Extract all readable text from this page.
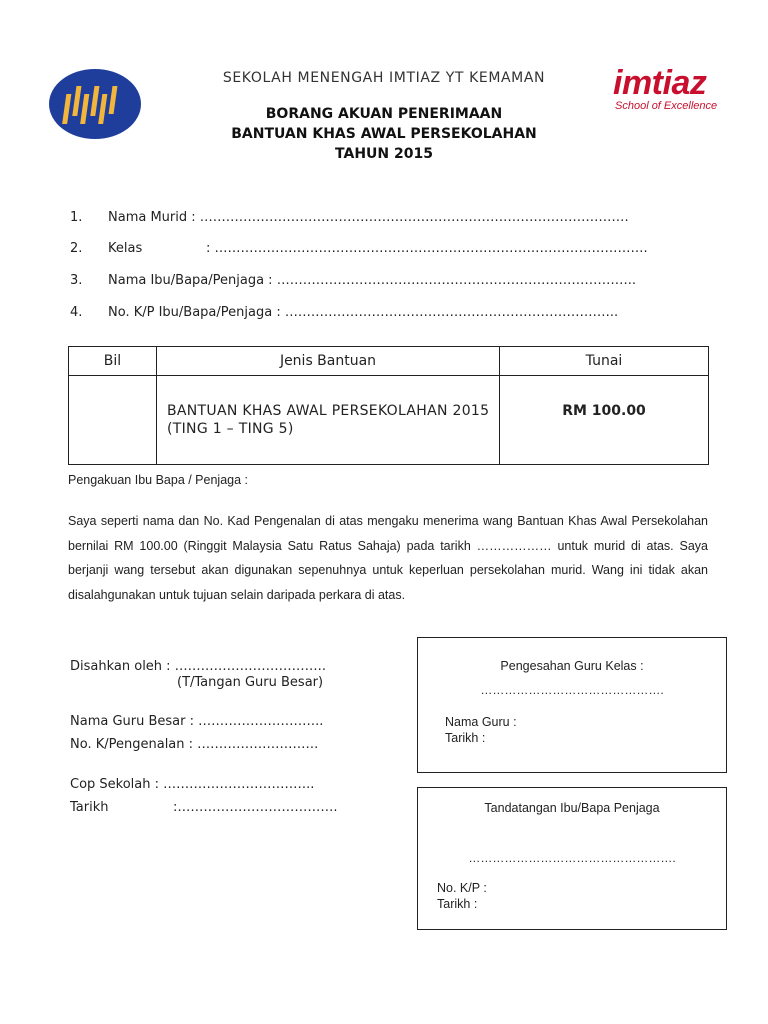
imtiaz
School of Excellence
SEKOLAH MENENGAH IMTIAZ YT KEMAMAN
BORANG AKUAN PENERIMAAN
BANTUAN KHAS AWAL PERSEKOLAHAN
TAHUN 2015
1. Nama Murid : ………………………………………………………………………………………
2. Kelas	: ……………………………………………………………………………………….
3. Nama Ibu/Bapa/Penjaga : ………………………………………………………………………..
4. No. K/P Ibu/Bapa/Penjaga : …………………………………………………………………..
Bil	Jenis Bantuan	Tunai
	BANTUAN KHAS AWAL PERSEKOLAHAN 2015 (TING 1 – TING 5)	RM 100.00
Pengakuan Ibu Bapa / Penjaga :
Saya seperti nama dan No. Kad Pengenalan di atas mengaku menerima wang Bantuan Khas Awal Persekolahan bernilai RM 100.00 (Ringgit Malaysia Satu Ratus Sahaja) pada tarikh ……………… untuk murid di atas. Saya berjanji wang tersebut akan digunakan sepenuhnya untuk keperluan persekolahan murid. Wang ini tidak akan disalahgunakan untuk tujuan selain daripada perkara di atas.
Disahkan oleh : ……………………………..
(T/Tangan Guru Besar)
Nama Guru Besar : ………………………..
No. K/Pengenalan : ……………………….
Cop Sekolah : ……………………………..
Tarikh	:……………………………….
Pengesahan Guru Kelas :
……………………………………….
Nama Guru :
Tarikh :
Tandatangan Ibu/Bapa Penjaga
…………………………………………….
No. K/P :
Tarikh :
